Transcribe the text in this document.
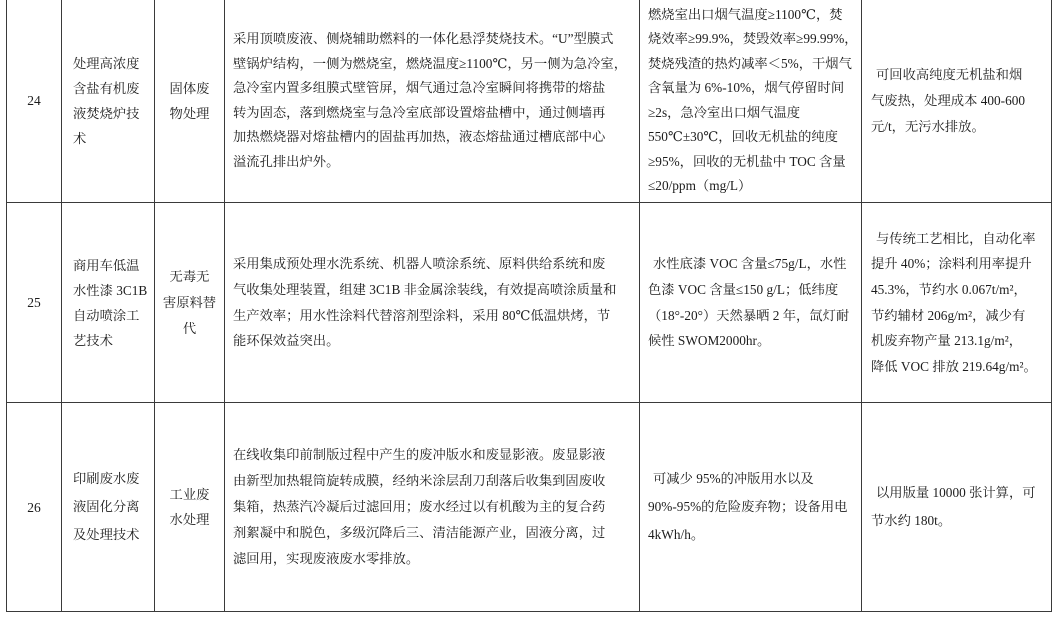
24
处理高浓度
含盐有机废
液焚烧炉技
术
固体废
物处理
采用顶喷废液、侧烧辅助燃料的一体化悬浮焚烧技术。“U”型膜式
壁锅炉结构，一侧为燃烧室，燃烧温度≥1100℃，另一侧为急冷室，
急冷室内置多组膜式壁管屏，烟气通过急冷室瞬间将携带的熔盐
转为固态，落到燃烧室与急冷室底部设置熔盐槽中，通过侧墙再
加热燃烧器对熔盐槽内的固盐再加热，液态熔盐通过槽底部中心
溢流孔排出炉外。
燃烧室出口烟气温度≥1100℃，焚
烧效率≥99.9%，焚毁效率≥99.99%，
焚烧残渣的热灼减率＜5%，干烟气
含氧量为 6%-10%，烟气停留时间
≥2s，急冷室出口烟气温度
550℃±30℃，回收无机盐的纯度
≥95%，回收的无机盐中 TOC 含量
≤20/ppm（mg/L）
可回收高纯度无机盐和烟
气废热，处理成本 400-600
元/t，无污水排放。
25
商用车低温
水性漆 3C1B
自动喷涂工
艺技术
无毒无
害原料替
代
采用集成预处理水洗系统、机器人喷涂系统、原料供给系统和废
气收集处理装置，组建 3C1B 非金属涂装线，有效提高喷涂质量和
生产效率；用水性涂料代替溶剂型涂料，采用 80℃低温烘烤，节
能环保效益突出。
水性底漆 VOC 含量≤75g/L，水性
色漆 VOC 含量≤150 g/L；低纬度
（18°-20°）天然暴晒 2 年，氙灯耐
候性 SWOM2000hr。
与传统工艺相比，自动化率
提升 40%；涂料利用率提升
45.3%，节约水 0.067t/m²，
节约辅材 206g/m²，减少有
机废弃物产量 213.1g/m²，
降低 VOC 排放 219.64g/m²。
26
印刷废水废
液固化分离
及处理技术
工业废
水处理
在线收集印前制版过程中产生的废冲版水和废显影液。废显影液
由新型加热辊筒旋转成膜，经纳米涂层刮刀刮落后收集到固废收
集箱，热蒸汽冷凝后过滤回用；废水经过以有机酸为主的复合药
剂絮凝中和脱色，多级沉降后三、清洁能源产业，固液分离，过
滤回用，实现废液废水零排放。
可减少 95%的冲版用水以及
90%-95%的危险废弃物；设备用电
4kWh/h。
以用版量 10000 张计算，可
节水约 180t。
